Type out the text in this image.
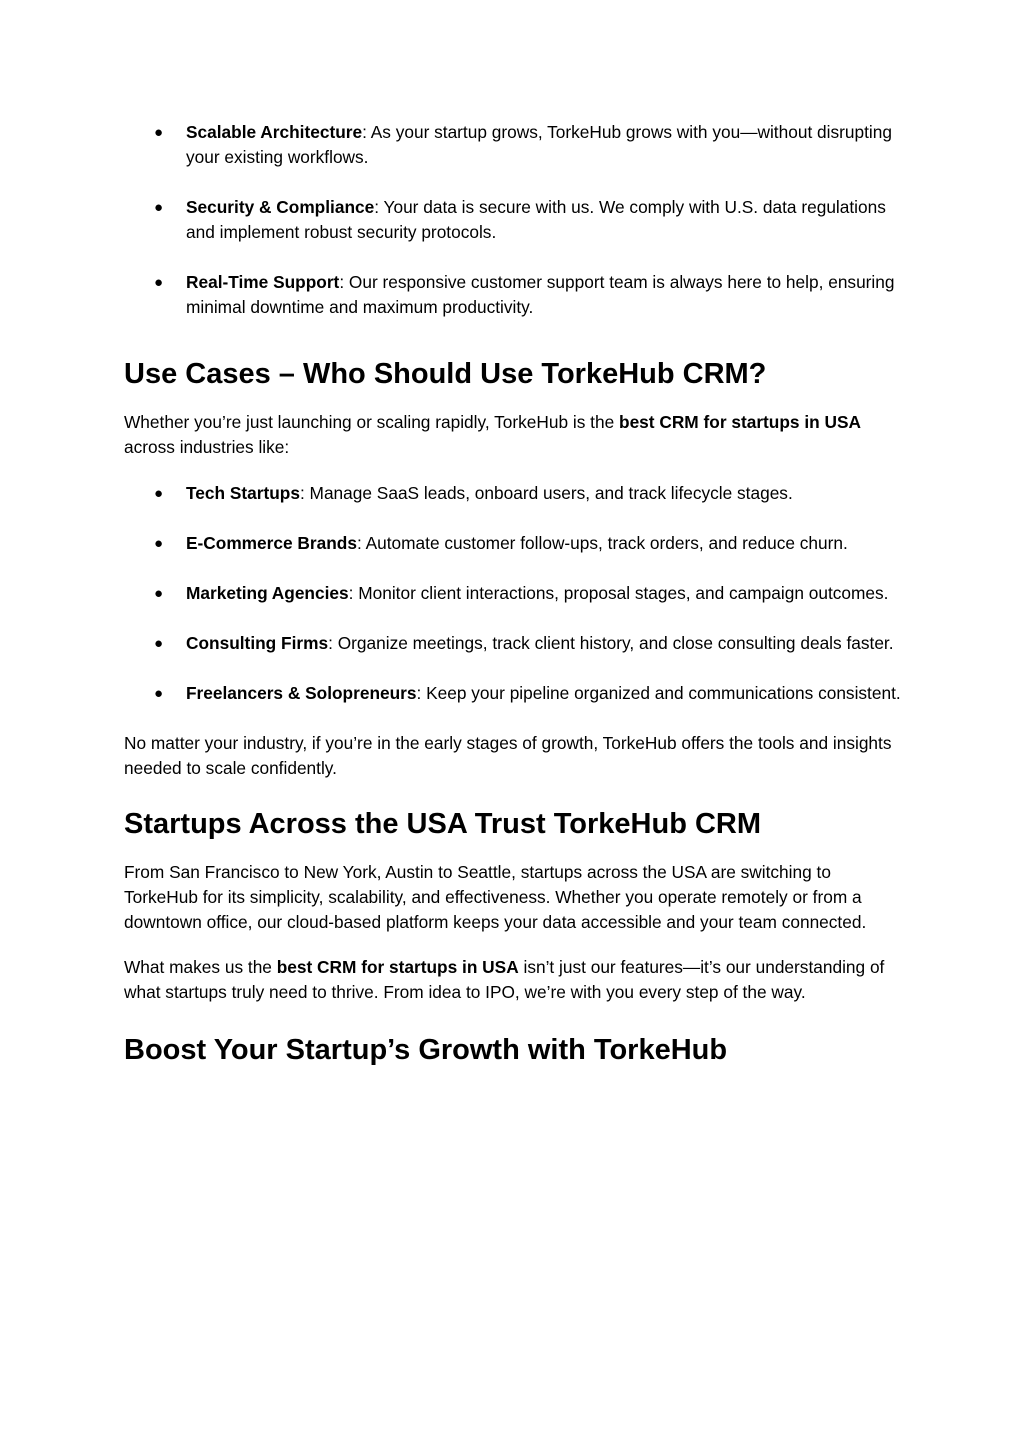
● Scalable Architecture: As your startup grows, TorkeHub grows with you—without disrupting your existing workflows.
● Security & Compliance: Your data is secure with us. We comply with U.S. data regulations and implement robust security protocols.
● Real-Time Support: Our responsive customer support team is always here to help, ensuring minimal downtime and maximum productivity.
Use Cases – Who Should Use TorkeHub CRM?

Whether you’re just launching or scaling rapidly, TorkeHub is the best CRM for startups in USA across industries like:

● Tech Startups: Manage SaaS leads, onboard users, and track lifecycle stages.
● E-Commerce Brands: Automate customer follow-ups, track orders, and reduce churn.
● Marketing Agencies: Monitor client interactions, proposal stages, and campaign outcomes.
● Consulting Firms: Organize meetings, track client history, and close consulting deals faster.
● Freelancers & Solopreneurs: Keep your pipeline organized and communications consistent.

No matter your industry, if you’re in the early stages of growth, TorkeHub offers the tools and insights needed to scale confidently.

Startups Across the USA Trust TorkeHub CRM

From San Francisco to New York, Austin to Seattle, startups across the USA are switching to TorkeHub for its simplicity, scalability, and effectiveness. Whether you operate remotely or from a downtown office, our cloud-based platform keeps your data accessible and your team connected.

What makes us the best CRM for startups in USA isn’t just our features—it’s our understanding of what startups truly need to thrive. From idea to IPO, we’re with you every step of the way.

Boost Your Startup’s Growth with TorkeHub
